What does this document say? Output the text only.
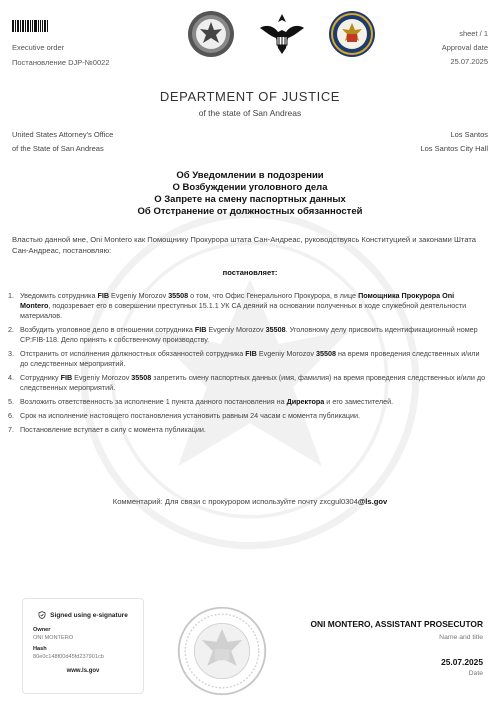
Executive order
Постановление DJP-№0022
sheet / 1
Approval date
25.07.2025
DEPARTMENT OF JUSTICE
of the state of San Andreas
United States Attorney's Office
of the State of San Andreas
Los Santos
Los Santos City Hall
Об Уведомлении в подозрении
О Возбуждении уголовного дела
О Запрете на смену паспортных данных
Об Отстранение от должностных обязанностей
Властью данной мне, Oni Montero как Помощнику Прокурора штата Сан-Андреас, руководствуясь Конституцией и законами Штата Сан-Андреас, постановляю:
постановляет:
1. Уведомить сотрудника FIB Evgeniy Morozov 35508 о том, что Офис Генерального Прокурора, в лице Помощника Прокурора Oni Montero, подозревает его в совершении преступных 15.1.1 УК СА деяний на основании полученных в ходе служебной деятельности материалов.
2. Возбудить уголовное дело в отношении сотрудника FIB Evgeniy Morozov 35508. Уголовному делу присвоить идентификационный номер CP:FIB-118. Дело принять к собственному производству.
3. Отстранить от исполнения должностных обязанностей сотрудника FIB Evgeniy Morozov 35508 на время проведения следственных и/или до следственных мероприятий.
4. Сотруднику FIB Evgeniy Morozov 35508 запретить смену паспортных данных (имя, фамилия) на время проведения следственных и/или до следственных мероприятий.
5. Возложить ответственность за исполнение 1 пункта данного постановления на Директора и его заместителей.
6. Срок на исполнение настоящего постановления установить равным 24 часам с момента публикации.
7. Постановление вступает в силу с момента публикации.
Комментарий: Для связи с прокурором используйте почту zxcgul0304@ls.gov
Signed using e-signature
Owner
ONI MONTERO
Hash
80e0c148f00d45fd237901cb
www.ls.gov
ONI MONTERO, ASSISTANT PROSECUTOR
Name and title
25.07.2025
Date
